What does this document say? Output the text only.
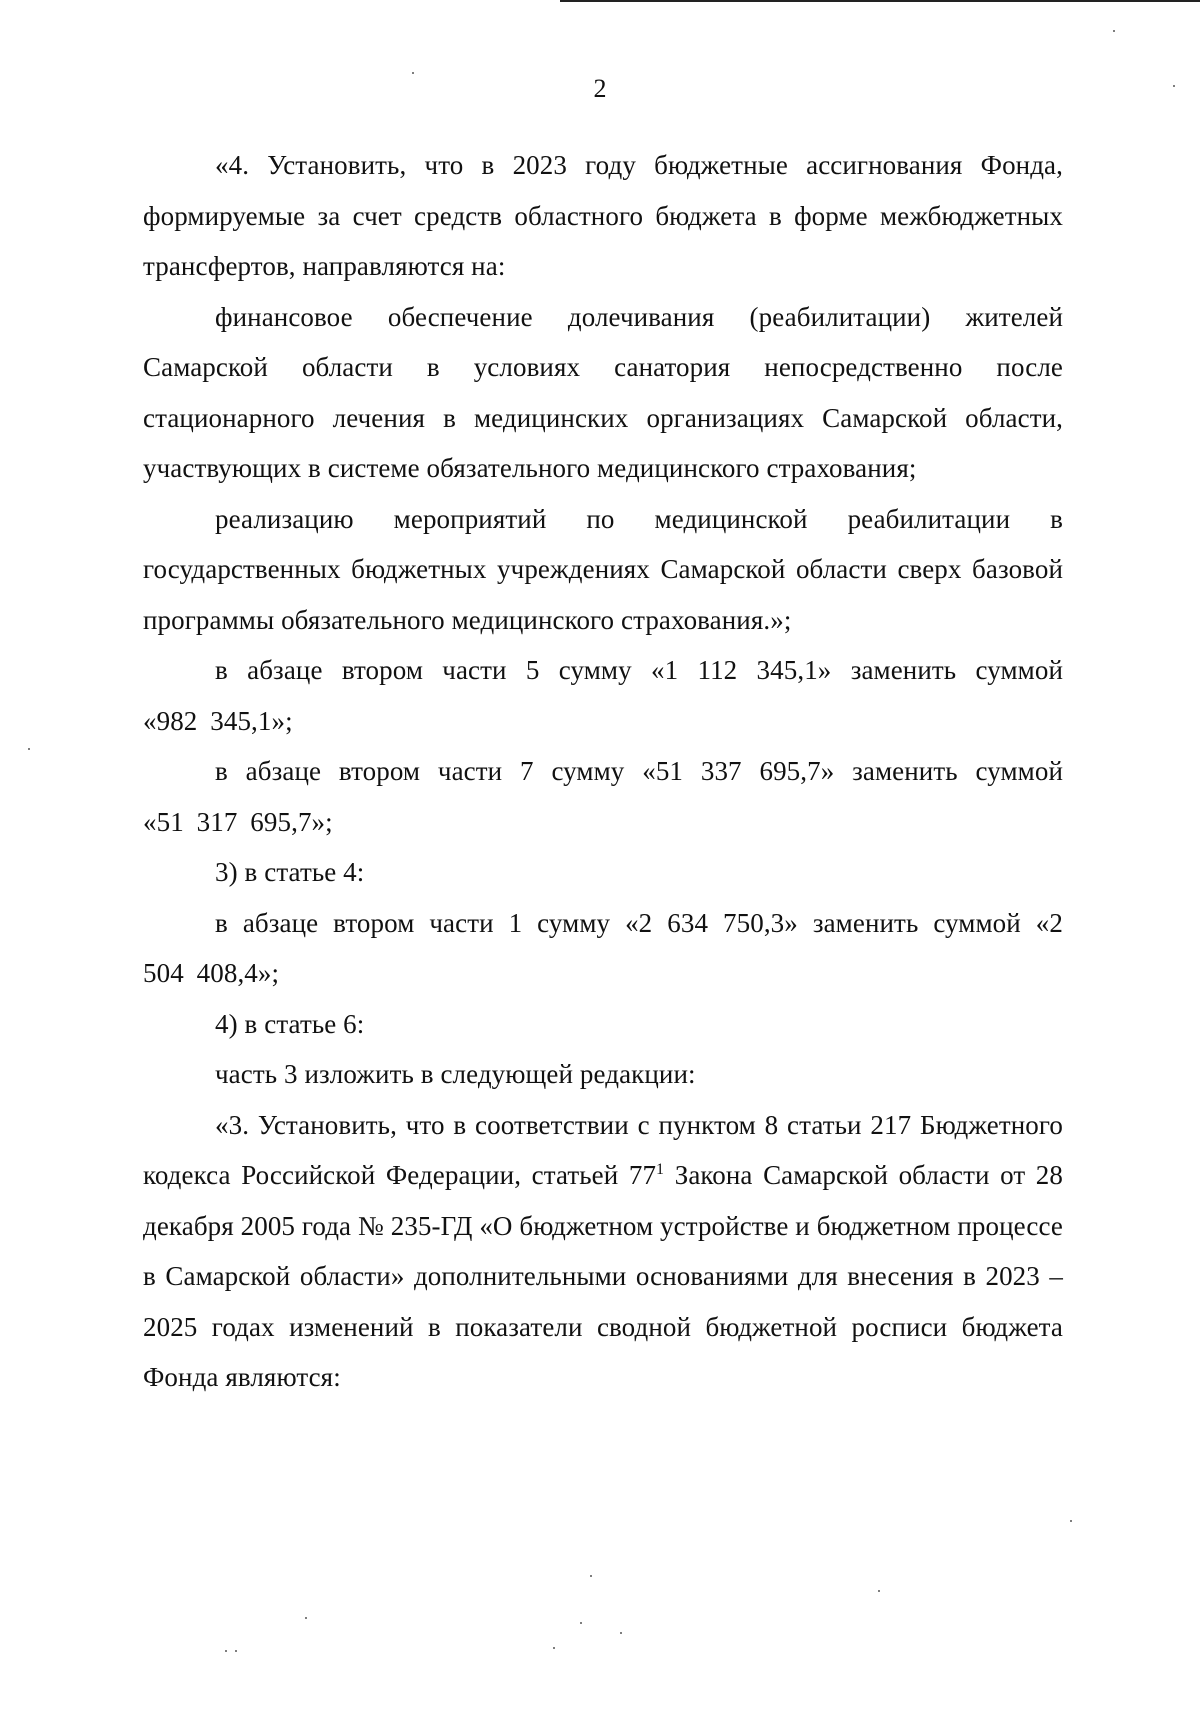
2

«4. Установить, что в 2023 году бюджетные ассигнования Фонда, формируемые за счет средств областного бюджета в форме межбюджетных трансфертов, направляются на:

финансовое обеспечение долечивания (реабилитации) жителей Самарской области в условиях санатория непосредственно после стационарного лечения в медицинских организациях Самарской области, участвующих в системе обязательного медицинского страхования;

реализацию мероприятий по медицинской реабилитации в государственных бюджетных учреждениях Самарской области сверх базовой программы обязательного медицинского страхования.»;

в абзаце втором части 5 сумму «1 112 345,1» заменить суммой «982 345,1»;

в абзаце втором части 7 сумму «51 337 695,7» заменить суммой «51 317 695,7»;

3) в статье 4:

в абзаце втором части 1 сумму «2 634 750,3» заменить суммой «2 504 408,4»;

4) в статье 6:

часть 3 изложить в следующей редакции:

«3. Установить, что в соответствии с пунктом 8 статьи 217 Бюджетного кодекса Российской Федерации, статьей $77^1$ Закона Самарской области от 28 декабря 2005 года № 235-ГД «О бюджетном устройстве и бюджетном процессе в Самарской области» дополнительными основаниями для внесения в 2023 – 2025 годах изменений в показатели сводной бюджетной росписи бюджета Фонда являются:
